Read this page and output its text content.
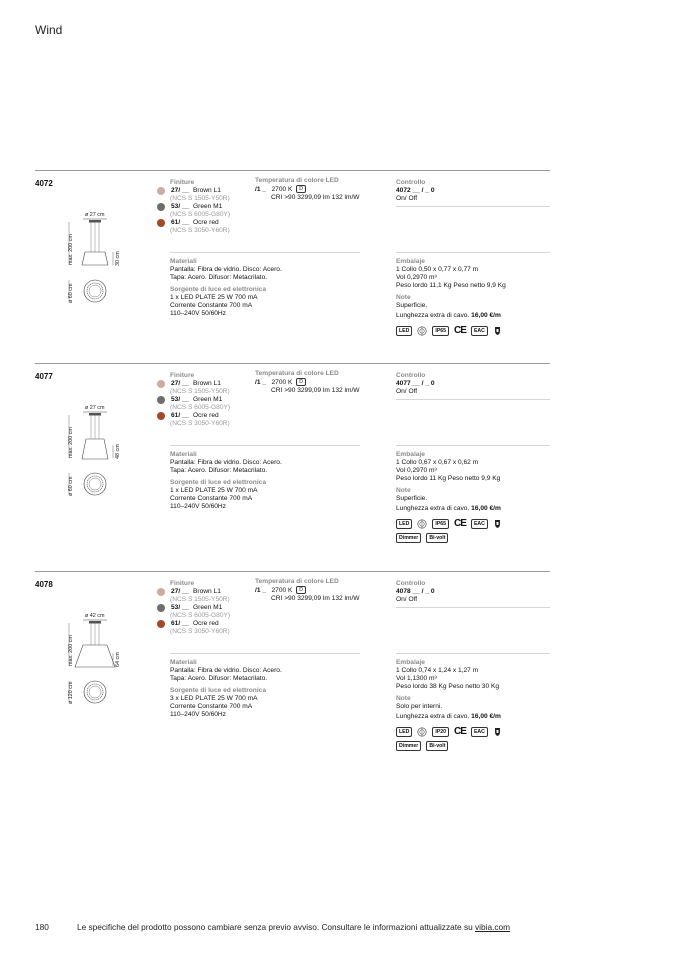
Wind
4072
ø 27 cm
max. 200 cm	30 cm
ø 60 cm
Finiture
27/ __ Brown L1
(NCS S 1505-Y50R)
53/ __ Green M1
(NCS S 6005-G80Y)
61/ __ Ocre red
(NCS S 3050-Y60R)
Temperatura di colore LED
/1 _ 2700 K D
CRI >90 3299,09 lm 132 lm/W
Controllo
4072 __ / _ 0
On/ Off
Materiali
Pantalla: Fibra de vidrio. Disco: Acero.
Tapa: Acero. Difusor: Metacrilato.
Sorgente di luce ed elettronica
1 x LED PLATE 25 W 700 mA
Corrente Constante 700 mA
110–240V 50/60Hz
Embalaje
1 Collo 0,50 x 0,77 x 0,77 m
Vol 0,2970 m³
Peso lordo 11,1 Kg Peso netto 9,9 Kg
Note
Superficie.
Lunghezza extra di cavo. 16,00 €/m
LED	IP65 CE	EAC
4077
ø 27 cm
max. 200 cm	48 cm
ø 60 cm
Finiture
27/ __ Brown L1
(NCS S 1505-Y50R)
53/ __ Green M1
(NCS S 6005-G80Y)
61/ __ Ocre red
(NCS S 3050-Y60R)
Temperatura di colore LED
/1 _ 2700 K D
CRI >90 3299,09 lm 132 lm/W
Controllo
4077 __ / _ 0
On/ Off
Materiali
Pantalla: Fibra de vidrio. Disco: Acero.
Tapa: Acero. Difusor: Metacrilato.
Sorgente di luce ed elettronica
1 x LED PLATE 25 W 700 mA
Corrente Constante 700 mA
110–240V 50/60Hz
Embalaje
1 Collo 0,67 x 0,67 x 0,62 m
Vol 0,2970 m³
Peso lordo 11 Kg Peso netto 9,9 Kg
Note
Superficie.
Lunghezza extra di cavo. 16,00 €/m
LED	IP65 CE	EAC
Dimmer	Bi-volt
4078
ø 42 cm
max. 200 cm	64 cm
ø 120 cm
Finiture
27/ __ Brown L1
(NCS S 1505-Y50R)
53/ __ Green M1
(NCS S 6005-G80Y)
61/ __ Ocre red
(NCS S 3050-Y60R)
Temperatura di colore LED
/1 _ 2700 K D
CRI >90 3299,09 lm 132 lm/W
Controllo
4078 __ / _ 0
On/ Off
Materiali
Pantalla: Fibra de vidrio. Disco: Acero.
Tapa: Acero. Difusor: Metacrilato.
Sorgente di luce ed elettronica
3 x LED PLATE 25 W 700 mA
Corrente Constante 700 mA
110–240V 50/60Hz
Embalaje
1 Collo 0,74 x 1,24 x 1,27 m
Vol 1,1300 m³
Peso lordo 38 Kg Peso netto 30 Kg
Note
Solo per interni.
Lunghezza extra di cavo. 16,00 €/m
LED	IP20 CE	EAC
Dimmer	Bi-volt
180	Le specifiche del prodotto possono cambiare senza previo avviso. Consultare le informazioni attualizzate su vibia.com
